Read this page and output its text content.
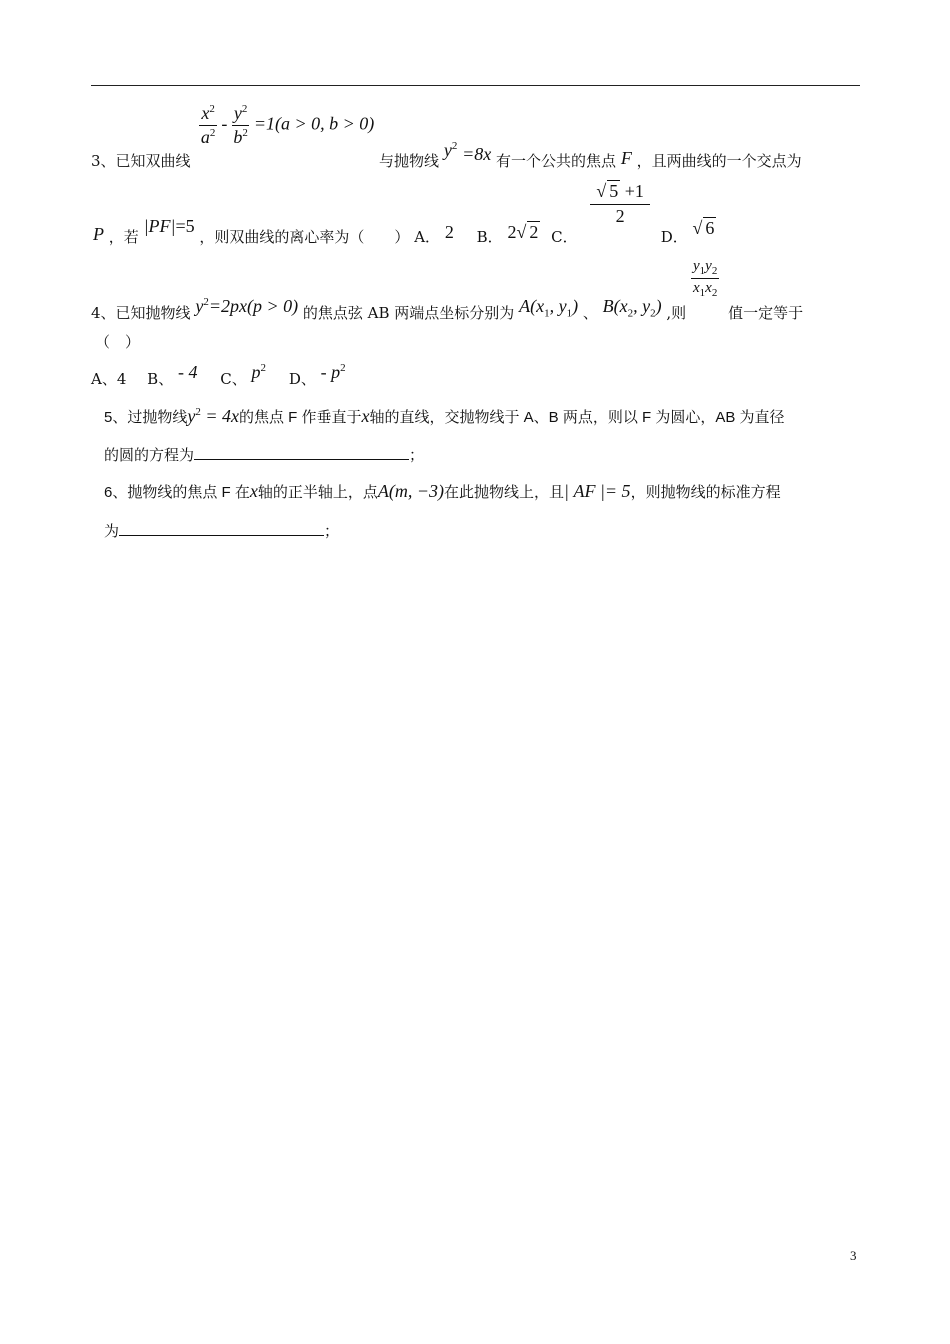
3、已知双曲线
$\frac{x^2}{a^2} - \frac{y^2}{b^2} =1(a > 0$, b > 0) 与抛物线 $y^2 =8x$ 有一个公共的焦点 F ，且两曲线的一个交点为
P ，若 |PF|=5 ，则双曲线的离心率为（　　） A． 2 B． 2√ 2 C．
$\frac{√ 5 +1}{2}$
D． √ 6
4、已知抛物线 $y^2=2px(p > 0)$ 的焦点弦 AB 两端点坐标分别为 $A(x_1$, $y_1$) 、 $B(x_2$, $y_2$) ,则
$\frac{y_1y_2}{x_1x_2}$
值一定等于
（　）
A、4 B、 - 4 C、 $p^2$ D、 - $p^2$
5、过抛物线$y^2 = 4x$的焦点 F 作垂直于x轴的直线，交抛物线于 A、B 两点，则以 F 为圆心，AB 为直径
的圆的方程为	；
6、抛物线的焦点 F 在x轴的正半轴上，点A(m, −3)在此抛物线上，且| AF |= 5，则抛物线的标准方程
为	；
3
